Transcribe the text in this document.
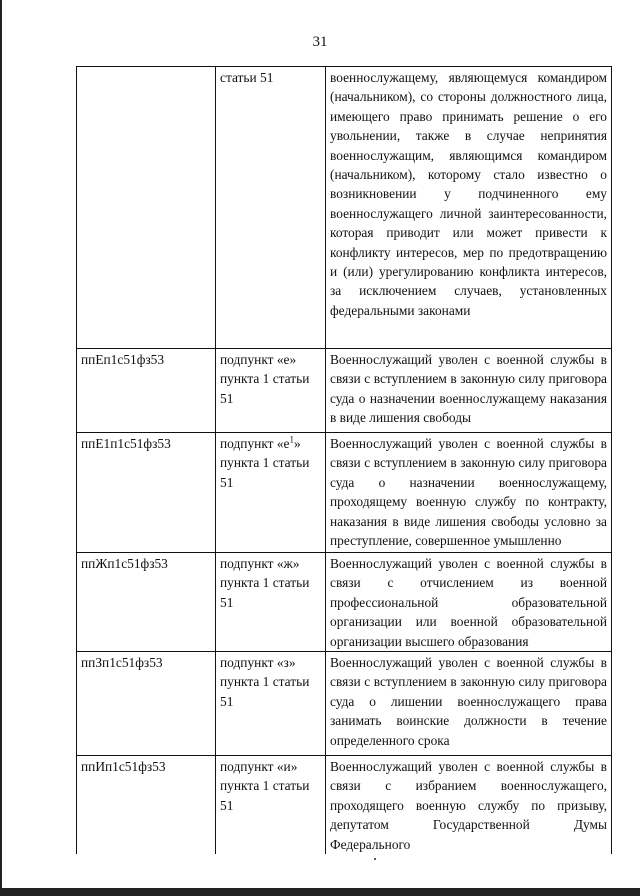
31
	статьи 51	военнослужащему, являющемуся командиром (начальником), со стороны должностного лица, имеющего право принимать решение о его увольнении, также в случае непринятия военнослужащим, являющимся командиром (начальником), которому стало известно о возникновении у подчиненного ему военнослужащего личной заинтересованности, которая приводит или может привести к конфликту интересов, мер по предотвращению и (или) урегулированию конфликта интересов, за исключением случаев, установленных федеральными законами
ппЕп1с51фз53	подпункт «е» пункта 1 статьи 51	Военнослужащий уволен с военной службы в связи с вступлением в законную силу приговора суда о назначении военнослужащему наказания в виде лишения свободы
ппЕ1п1с51фз53	подпункт «$е^1$» пункта 1 статьи 51	Военнослужащий уволен с военной службы в связи с вступлением в законную силу приговора суда о назначении военнослужащему, проходящему военную службу по контракту, наказания в виде лишения свободы условно за преступление, совершенное умышленно
ппЖп1с51фз53	подпункт «ж» пункта 1 статьи 51	Военнослужащий уволен с военной службы в связи с отчислением из военной профессиональной образовательной организации или военной образовательной организации высшего образования
ппЗп1с51фз53	подпункт «з» пункта 1 статьи 51	Военнослужащий уволен с военной службы в связи с вступлением в законную силу приговора суда о лишении военнослужащего права занимать воинские должности в течение определенного срока
ппИп1с51фз53	подпункт «и» пункта 1 статьи 51	Военнослужащий уволен с военной службы в связи с избранием военнослужащего, проходящего военную службу по призыву, депутатом Государственной Думы Федерального
